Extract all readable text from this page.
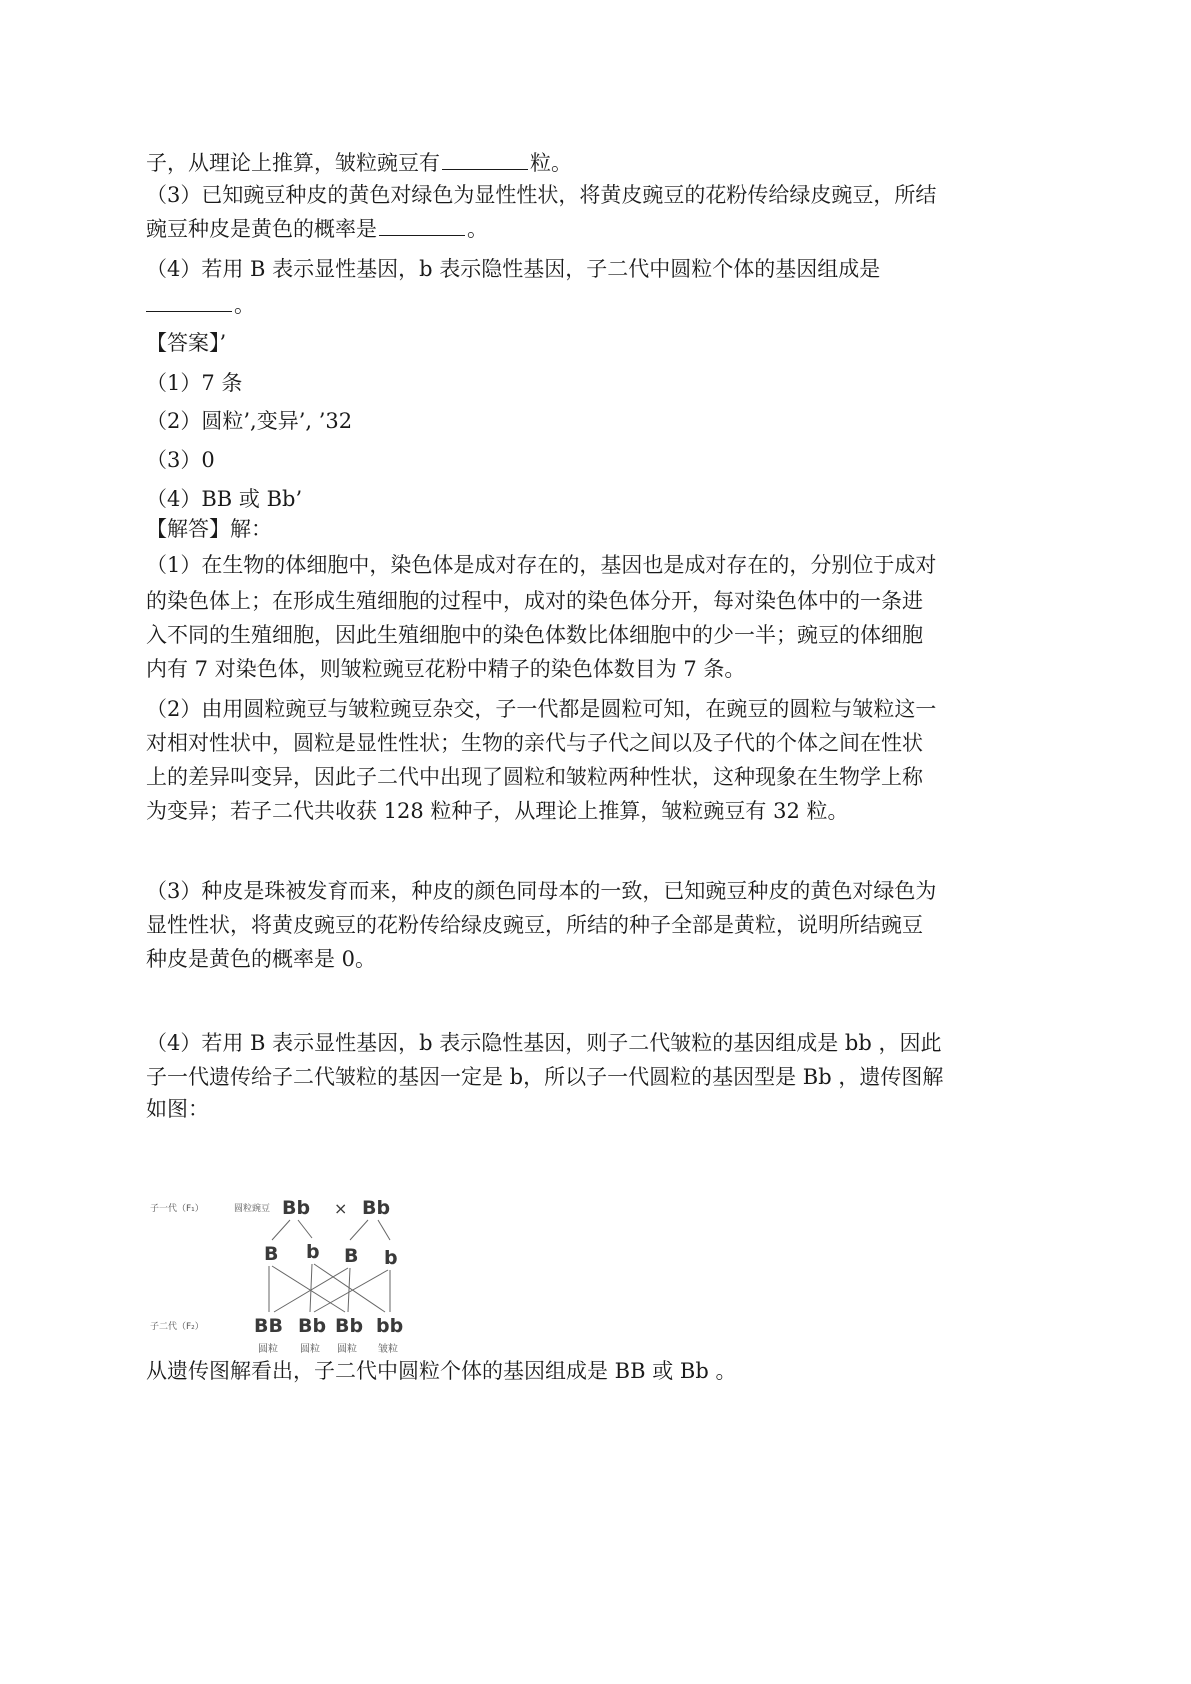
子，从理论上推算，皱粒豌豆有	粒。
（3）已知豌豆种皮的黄色对绿色为显性性状，将黄皮豌豆的花粉传给绿皮豌豆，所结
豌豆种皮是黄色的概率是	。
（4）若用 B 表示显性基因，b 表示隐性基因，子二代中圆粒个体的基因组成是
。
【答案】’
（1）7 条
（2）圆粒’,变异’, ’32
（3）0
（4）BB 或 Bb’
【解答】解：
（1）在生物的体细胞中，染色体是成对存在的，基因也是成对存在的，分别位于成对
的染色体上；在形成生殖细胞的过程中，成对的染色体分开，每对染色体中的一条进
入不同的生殖细胞，因此生殖细胞中的染色体数比体细胞中的少一半；豌豆的体细胞
内有 7 对染色体，则皱粒豌豆花粉中精子的染色体数目为 7 条。
（2）由用圆粒豌豆与皱粒豌豆杂交，子一代都是圆粒可知，在豌豆的圆粒与皱粒这一
对相对性状中，圆粒是显性性状；生物的亲代与子代之间以及子代的个体之间在性状
上的差异叫变异，因此子二代中出现了圆粒和皱粒两种性状，这种现象在生物学上称
为变异；若子二代共收获 128 粒种子，从理论上推算，皱粒豌豆有 32 粒。
（3）种皮是珠被发育而来，种皮的颜色同母本的一致，已知豌豆种皮的黄色对绿色为
显性性状，将黄皮豌豆的花粉传给绿皮豌豆，所结的种子全部是黄粒，说明所结豌豆
种皮是黄色的概率是 0。
（4）若用 B 表示显性基因，b 表示隐性基因，则子二代皱粒的基因组成是 bb ，因此
子一代遗传给子二代皱粒的基因一定是 b，所以子一代圆粒的基因型是 Bb ，遗传图解
如图：
从遗传图解看出，子二代中圆粒个体的基因组成是 BB 或 Bb 。
子一代（F₁）	圆粒豌豆 Bb × Bb
B b B b
子二代（F₂）	BB Bb Bb bb
圆粒 圆粒 圆粒 皱粒
